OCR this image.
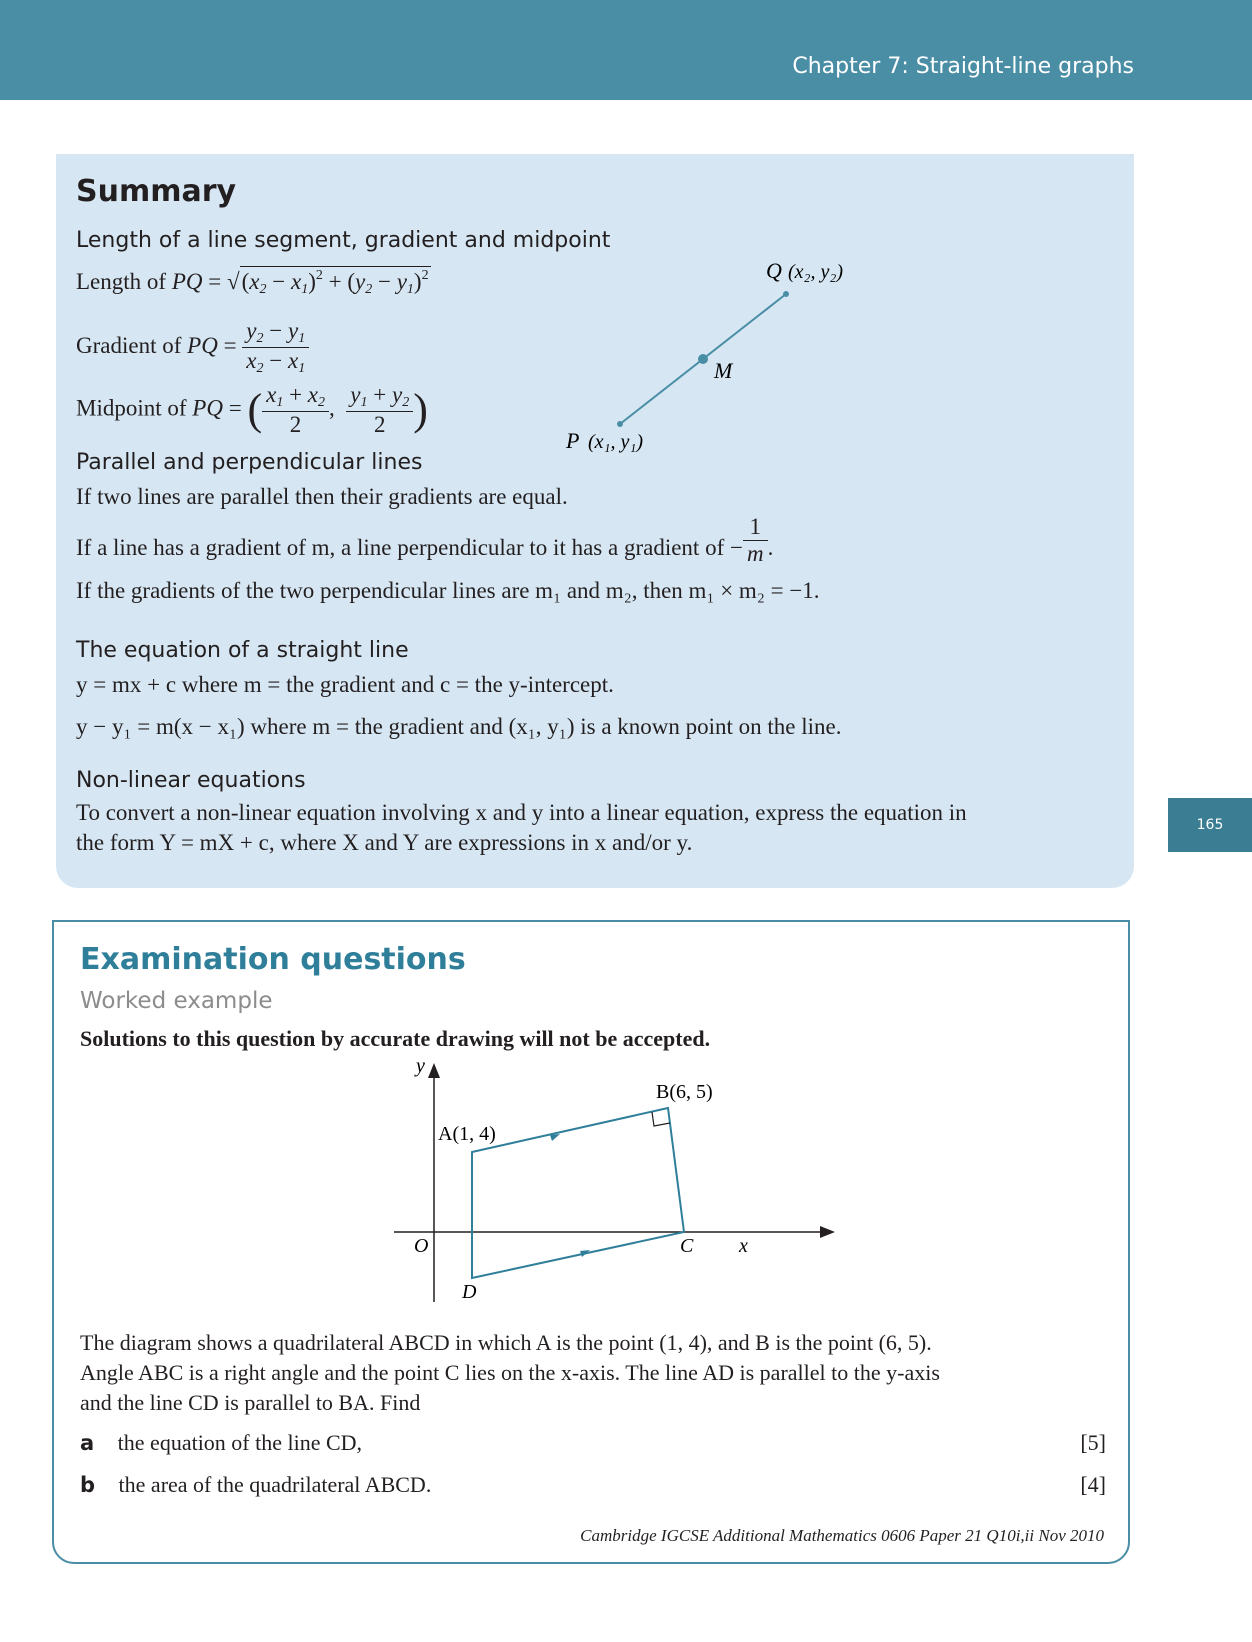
Chapter 7: Straight-line graphs
165
Summary
Length of a line segment, gradient and midpoint
Length of PQ = $√(x_2 - x_1)^2 + (y_2 - y_1)^2$
Gradient of PQ = $\frac{y_2 - y_1}{x_2 - x_1}$
Midpoint of PQ = ( $\frac{x_1 + x_2}{2}$ , $\frac{y_1 + y_2}{2}$ )
Q (x₂, y₂)
M
P (x₁, y₁)
Parallel and perpendicular lines
If two lines are parallel then their gradients are equal.
If a line has a gradient of m, a line perpendicular to it has a gradient of − $\frac{1}{m}$ .
If the gradients of the two perpendicular lines are m₁ and m₂, then m₁ × m₂ = −1.
The equation of a straight line
y = mx + c where m = the gradient and c = the y-intercept.
y − y₁ = m(x − x₁) where m = the gradient and (x₁, y₁) is a known point on the line.
Non-linear equations
To convert a non-linear equation involving x and y into a linear equation, express the equation in
the form Y = mX + c, where X and Y are expressions in x and/or y.
Examination questions
Worked example
Solutions to this question by accurate drawing will not be accepted.
y
x
O
A(1, 4)
B(6, 5)
C
D
The diagram shows a quadrilateral ABCD in which A is the point (1, 4), and B is the point (6, 5).
Angle ABC is a right angle and the point C lies on the x-axis. The line AD is parallel to the y-axis
and the line CD is parallel to BA. Find
a the equation of the line CD,	[5]
b the area of the quadrilateral ABCD.	[4]
Cambridge IGCSE Additional Mathematics 0606 Paper 21 Q10i,ii Nov 2010
